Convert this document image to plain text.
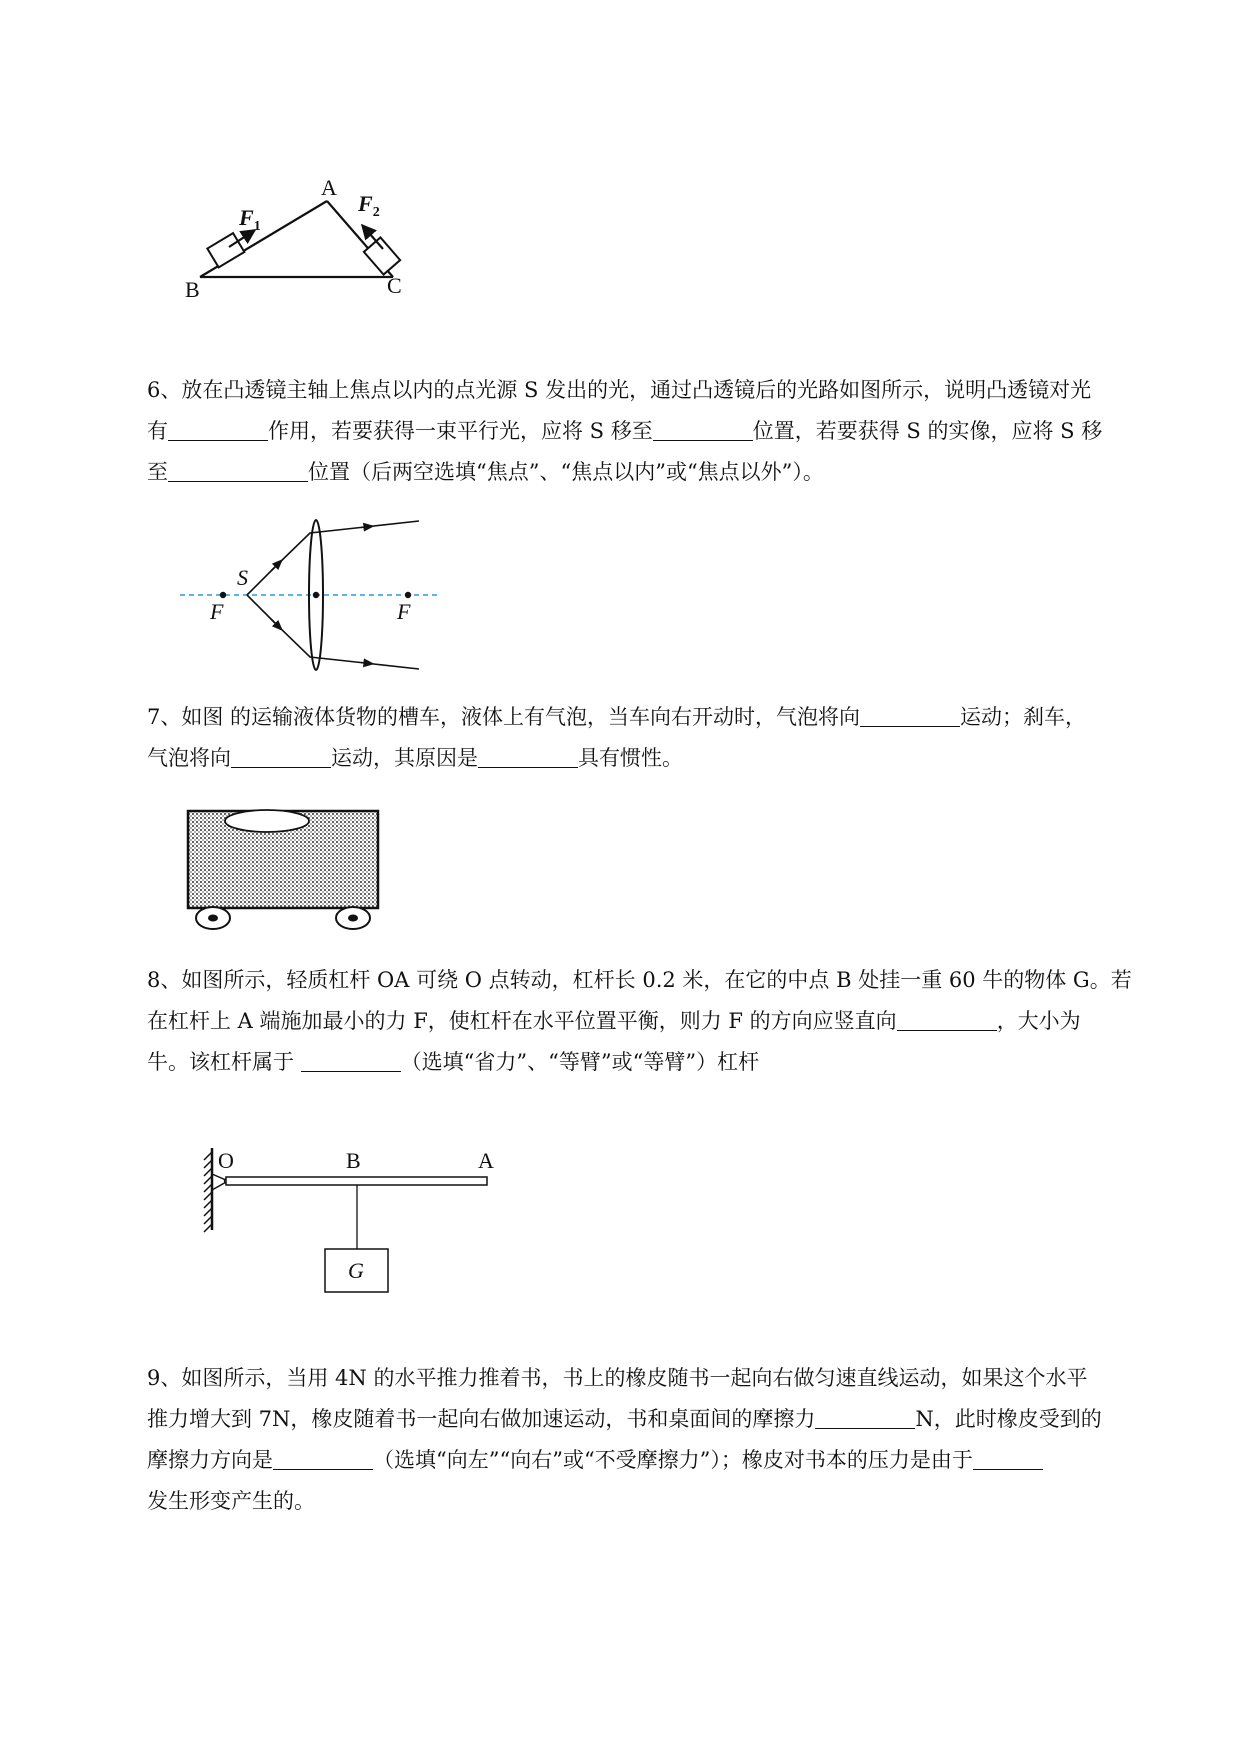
A
B	C
$F_1$
$F_2$
6、放在凸透镜主轴上焦点以内的点光源 S 发出的光，通过凸透镜后的光路如图所示，说明凸透镜对光
有	作用，若要获得一束平行光，应将 S 移至	位置，若要获得 S 的实像，应将 S 移
至	位置（后两空选填“焦点”、“焦点以内”或“焦点以外”）。
S
F	F
7、如图 的运输液体货物的槽车，液体上有气泡，当车向右开动时，气泡将向	运动；刹车，
气泡将向	运动，其原因是	具有惯性。
8、如图所示，轻质杠杆 OA 可绕 O 点转动，杠杆长 0.2 米，在它的中点 B 处挂一重 60 牛的物体 G。若
在杠杆上 A 端施加最小的力 F，使杠杆在水平位置平衡，则力 F 的方向应竖直向	，大小为
牛。该杠杆属于	（选填“省力”、“等臂”或“等臂”）杠杆
O	B	A
G
9、如图所示，当用 4N 的水平推力推着书，书上的橡皮随书一起向右做匀速直线运动，如果这个水平
推力增大到 7N，橡皮随着书一起向右做加速运动，书和桌面间的摩擦力	N，此时橡皮受到的
摩擦力方向是	（选填“向左”“向右”或“不受摩擦力”）；橡皮对书本的压力是由于
发生形变产生的。
